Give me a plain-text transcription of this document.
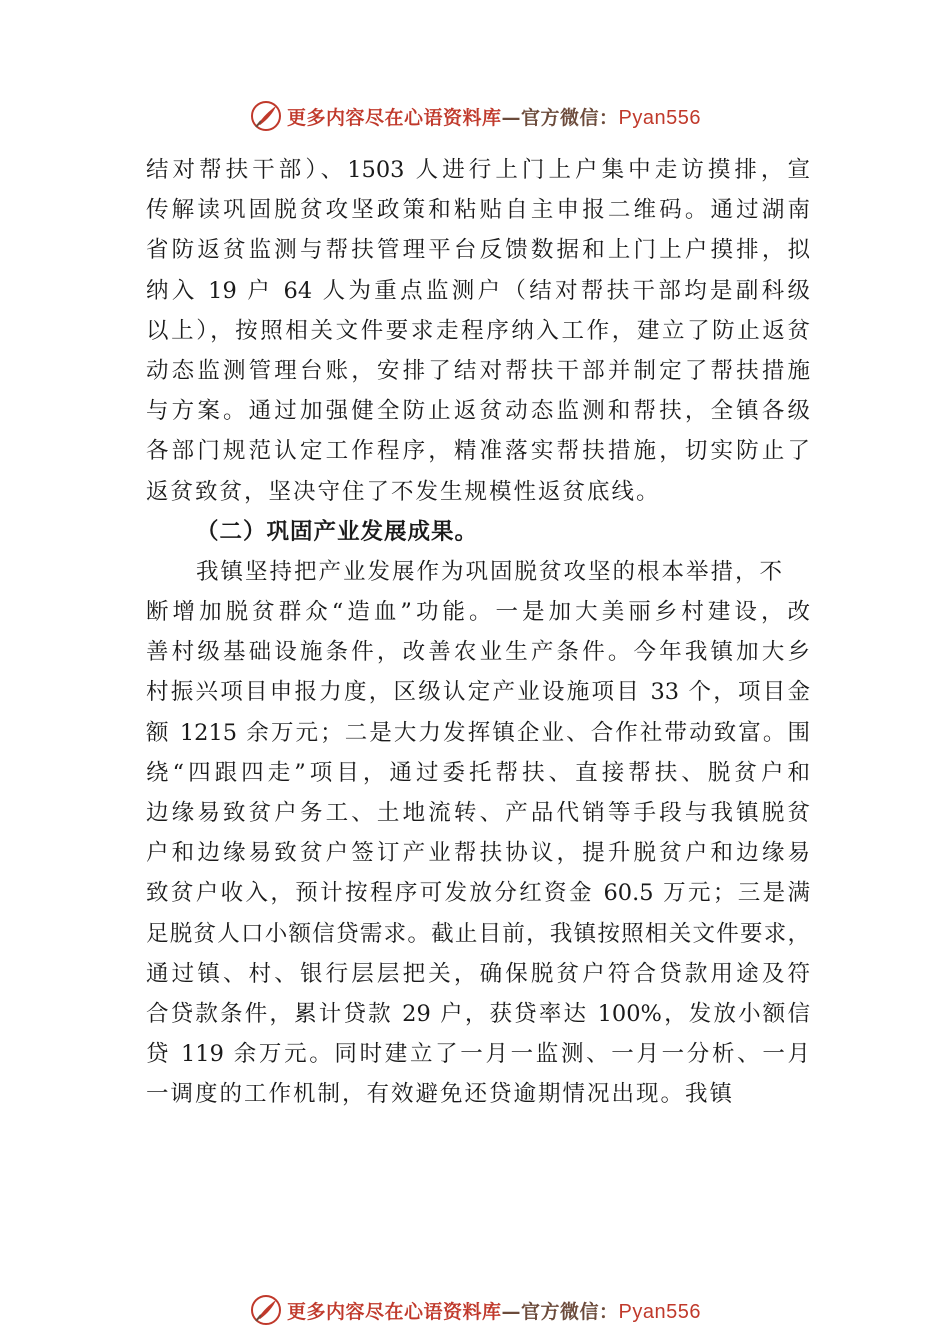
更多内容尽在心语资料库—官方微信：Pyan556
结对帮扶干部）、1503 人进行上门上户集中走访摸排，宣
传解读巩固脱贫攻坚政策和粘贴自主申报二维码。通过湖南
省防返贫监测与帮扶管理平台反馈数据和上门上户摸排，拟
纳入 19 户 64 人为重点监测户（结对帮扶干部均是副科级
以上），按照相关文件要求走程序纳入工作，建立了防止返贫
动态监测管理台账，安排了结对帮扶干部并制定了帮扶措施
与方案。通过加强健全防止返贫动态监测和帮扶，全镇各级
各部门规范认定工作程序，精准落实帮扶措施，切实防止了
返贫致贫，坚决守住了不发生规模性返贫底线。
（二）巩固产业发展成果。
我镇坚持把产业发展作为巩固脱贫攻坚的根本举措，不
断增加脱贫群众“造血”功能。一是加大美丽乡村建设，改
善村级基础设施条件，改善农业生产条件。今年我镇加大乡
村振兴项目申报力度，区级认定产业设施项目 33 个，项目金
额 1215 余万元；二是大力发挥镇企业、合作社带动致富。围
绕“四跟四走”项目，通过委托帮扶、直接帮扶、脱贫户和
边缘易致贫户务工、土地流转、产品代销等手段与我镇脱贫
户和边缘易致贫户签订产业帮扶协议，提升脱贫户和边缘易
致贫户收入，预计按程序可发放分红资金 60.5 万元；三是满
足脱贫人口小额信贷需求。截止目前，我镇按照相关文件要求，
通过镇、村、银行层层把关，确保脱贫户符合贷款用途及符
合贷款条件，累计贷款 29 户，获贷率达 100%，发放小额信
贷 119 余万元。同时建立了一月一监测、一月一分析、一月
一调度的工作机制，有效避免还贷逾期情况出现。我镇
更多内容尽在心语资料库—官方微信：Pyan556
